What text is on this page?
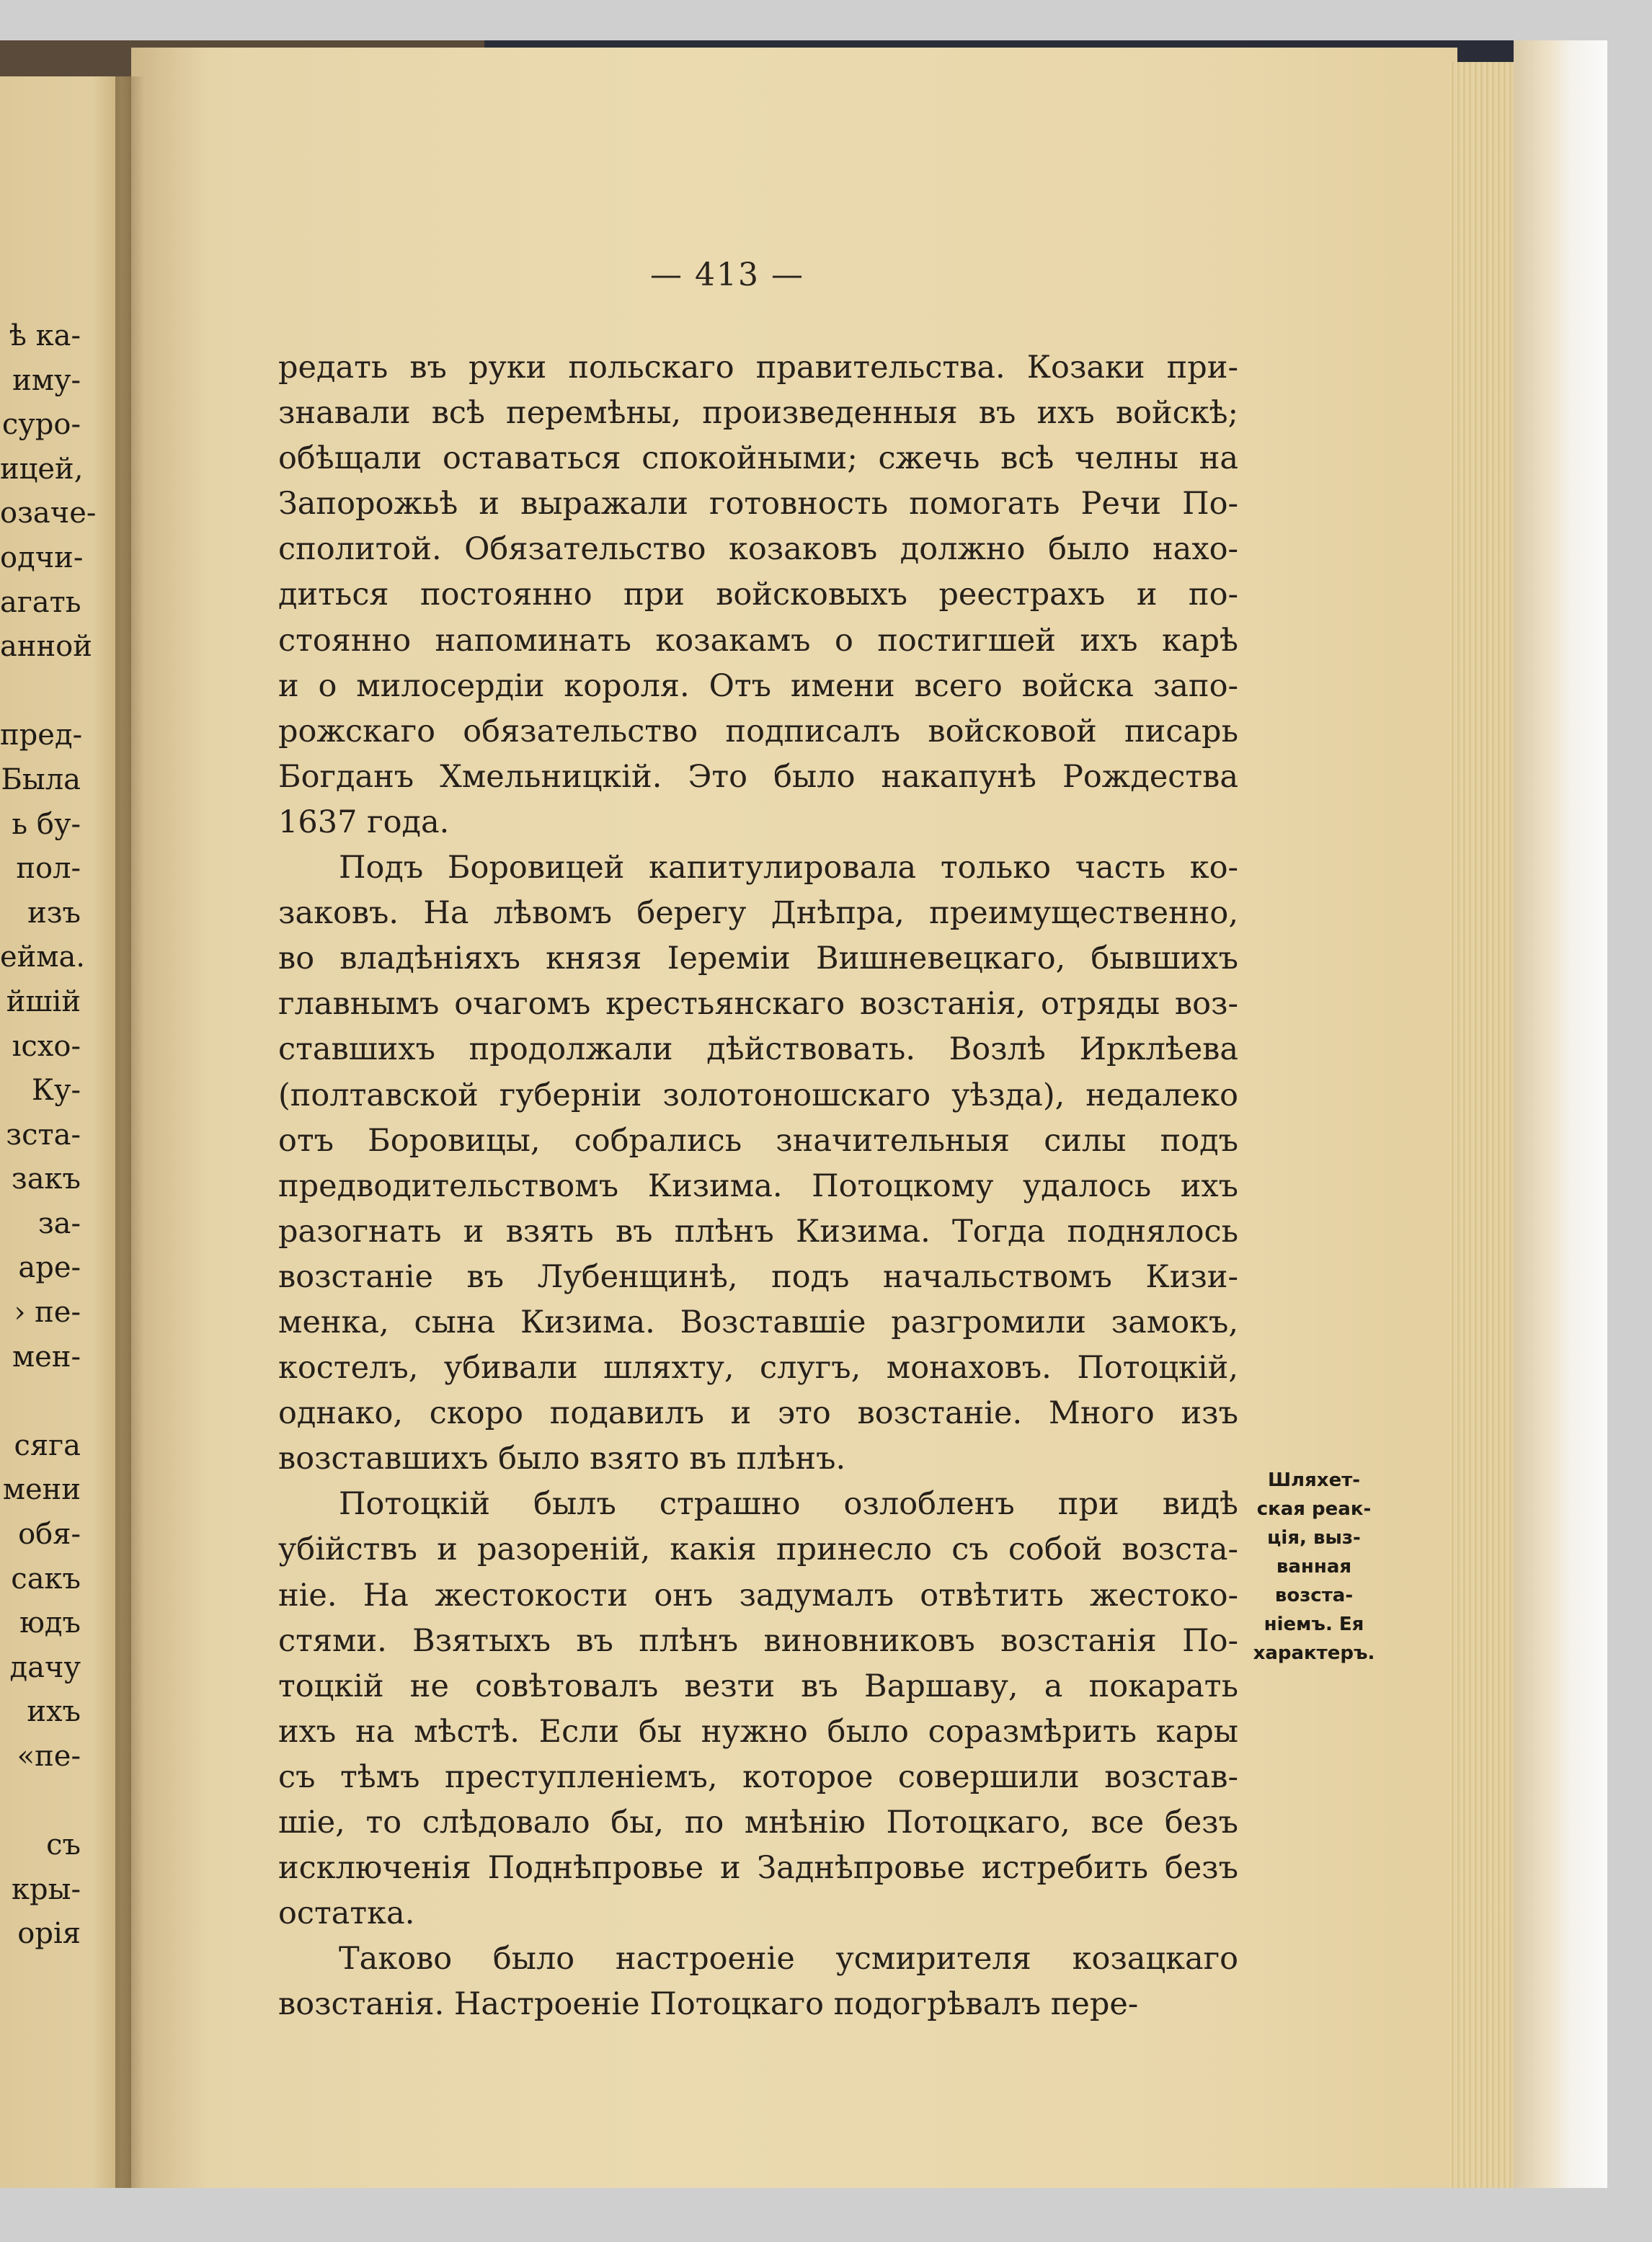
ѣ ка-
иму-
суро-
ицей,
озаче-
одчи-
агать
анной
пред-
Была
ь бу-
пол-
изъ
ейма.
йшій
ıсхо-
Ку-
зста-
закъ
за-
аре-
› пе-
мен-
сяга
мени
обя-
сакъ
юдъ
дачу
ихъ
«пе-
съ
кры-
орія
— 413 —
редать въ руки польскаго правительства. Козаки при-
знавали всѣ перемѣны, произведенныя въ ихъ войскѣ;
обѣщали оставаться спокойными; сжечь всѣ челны на
Запорожьѣ и выражали готовность помогать Речи По-
сполитой. Обязательство козаковъ должно было нахо-
диться постоянно при войсковыхъ реестрахъ и по-
стоянно напоминать козакамъ о постигшей ихъ карѣ
и о милосердіи короля. Отъ имени всего войска запо-
рожскаго обязательство подписалъ войсковой писарь
Богданъ Хмельницкій. Это было накапунѣ Рождества
1637 года.
Подъ Боровицей капитулировала только часть ко-
заковъ. На лѣвомъ берегу Днѣпра, преимущественно,
во владѣніяхъ князя Іереміи Вишневецкаго, бывшихъ
главнымъ очагомъ крестьянскаго возстанія, отряды воз-
ставшихъ продолжали дѣйствовать. Возлѣ Ирклѣева
(полтавской губерніи золотоношскаго уѣзда), недалеко
отъ Боровицы, собрались значительныя силы подъ
предводительствомъ Кизима. Потоцкому удалось ихъ
разогнать и взять въ плѣнъ Кизима. Тогда поднялось
возстаніе въ Лубенщинѣ, подъ начальствомъ Кизи-
менка, сына Кизима. Возставшіе разгромили замокъ,
костелъ, убивали шляхту, слугъ, монаховъ. Потоцкій,
однако, скоро подавилъ и это возстаніе. Много изъ
возставшихъ было взято въ плѣнъ.
Потоцкій былъ страшно озлобленъ при видѣ
убійствъ и разореній, какія принесло съ собой возста-
ніе. На жестокости онъ задумалъ отвѣтить жестоко-
стями. Взятыхъ въ плѣнъ виновниковъ возстанія По-
тоцкій не совѣтовалъ везти въ Варшаву, а покарать
ихъ на мѣстѣ. Если бы нужно было соразмѣрить кары
съ тѣмъ преступленіемъ, которое совершили возстав-
шіе, то слѣдовало бы, по мнѣнію Потоцкаго, все безъ
исключенія Поднѣпровье и Заднѣпровье истребить безъ
остатка.
Таково было настроеніе усмирителя козацкаго
возстанія. Настроеніе Потоцкаго подогрѣвалъ пере-
Шляхет-
ская реак-
ція, выз-
ванная
возста-
ніемъ. Ея
характеръ.
